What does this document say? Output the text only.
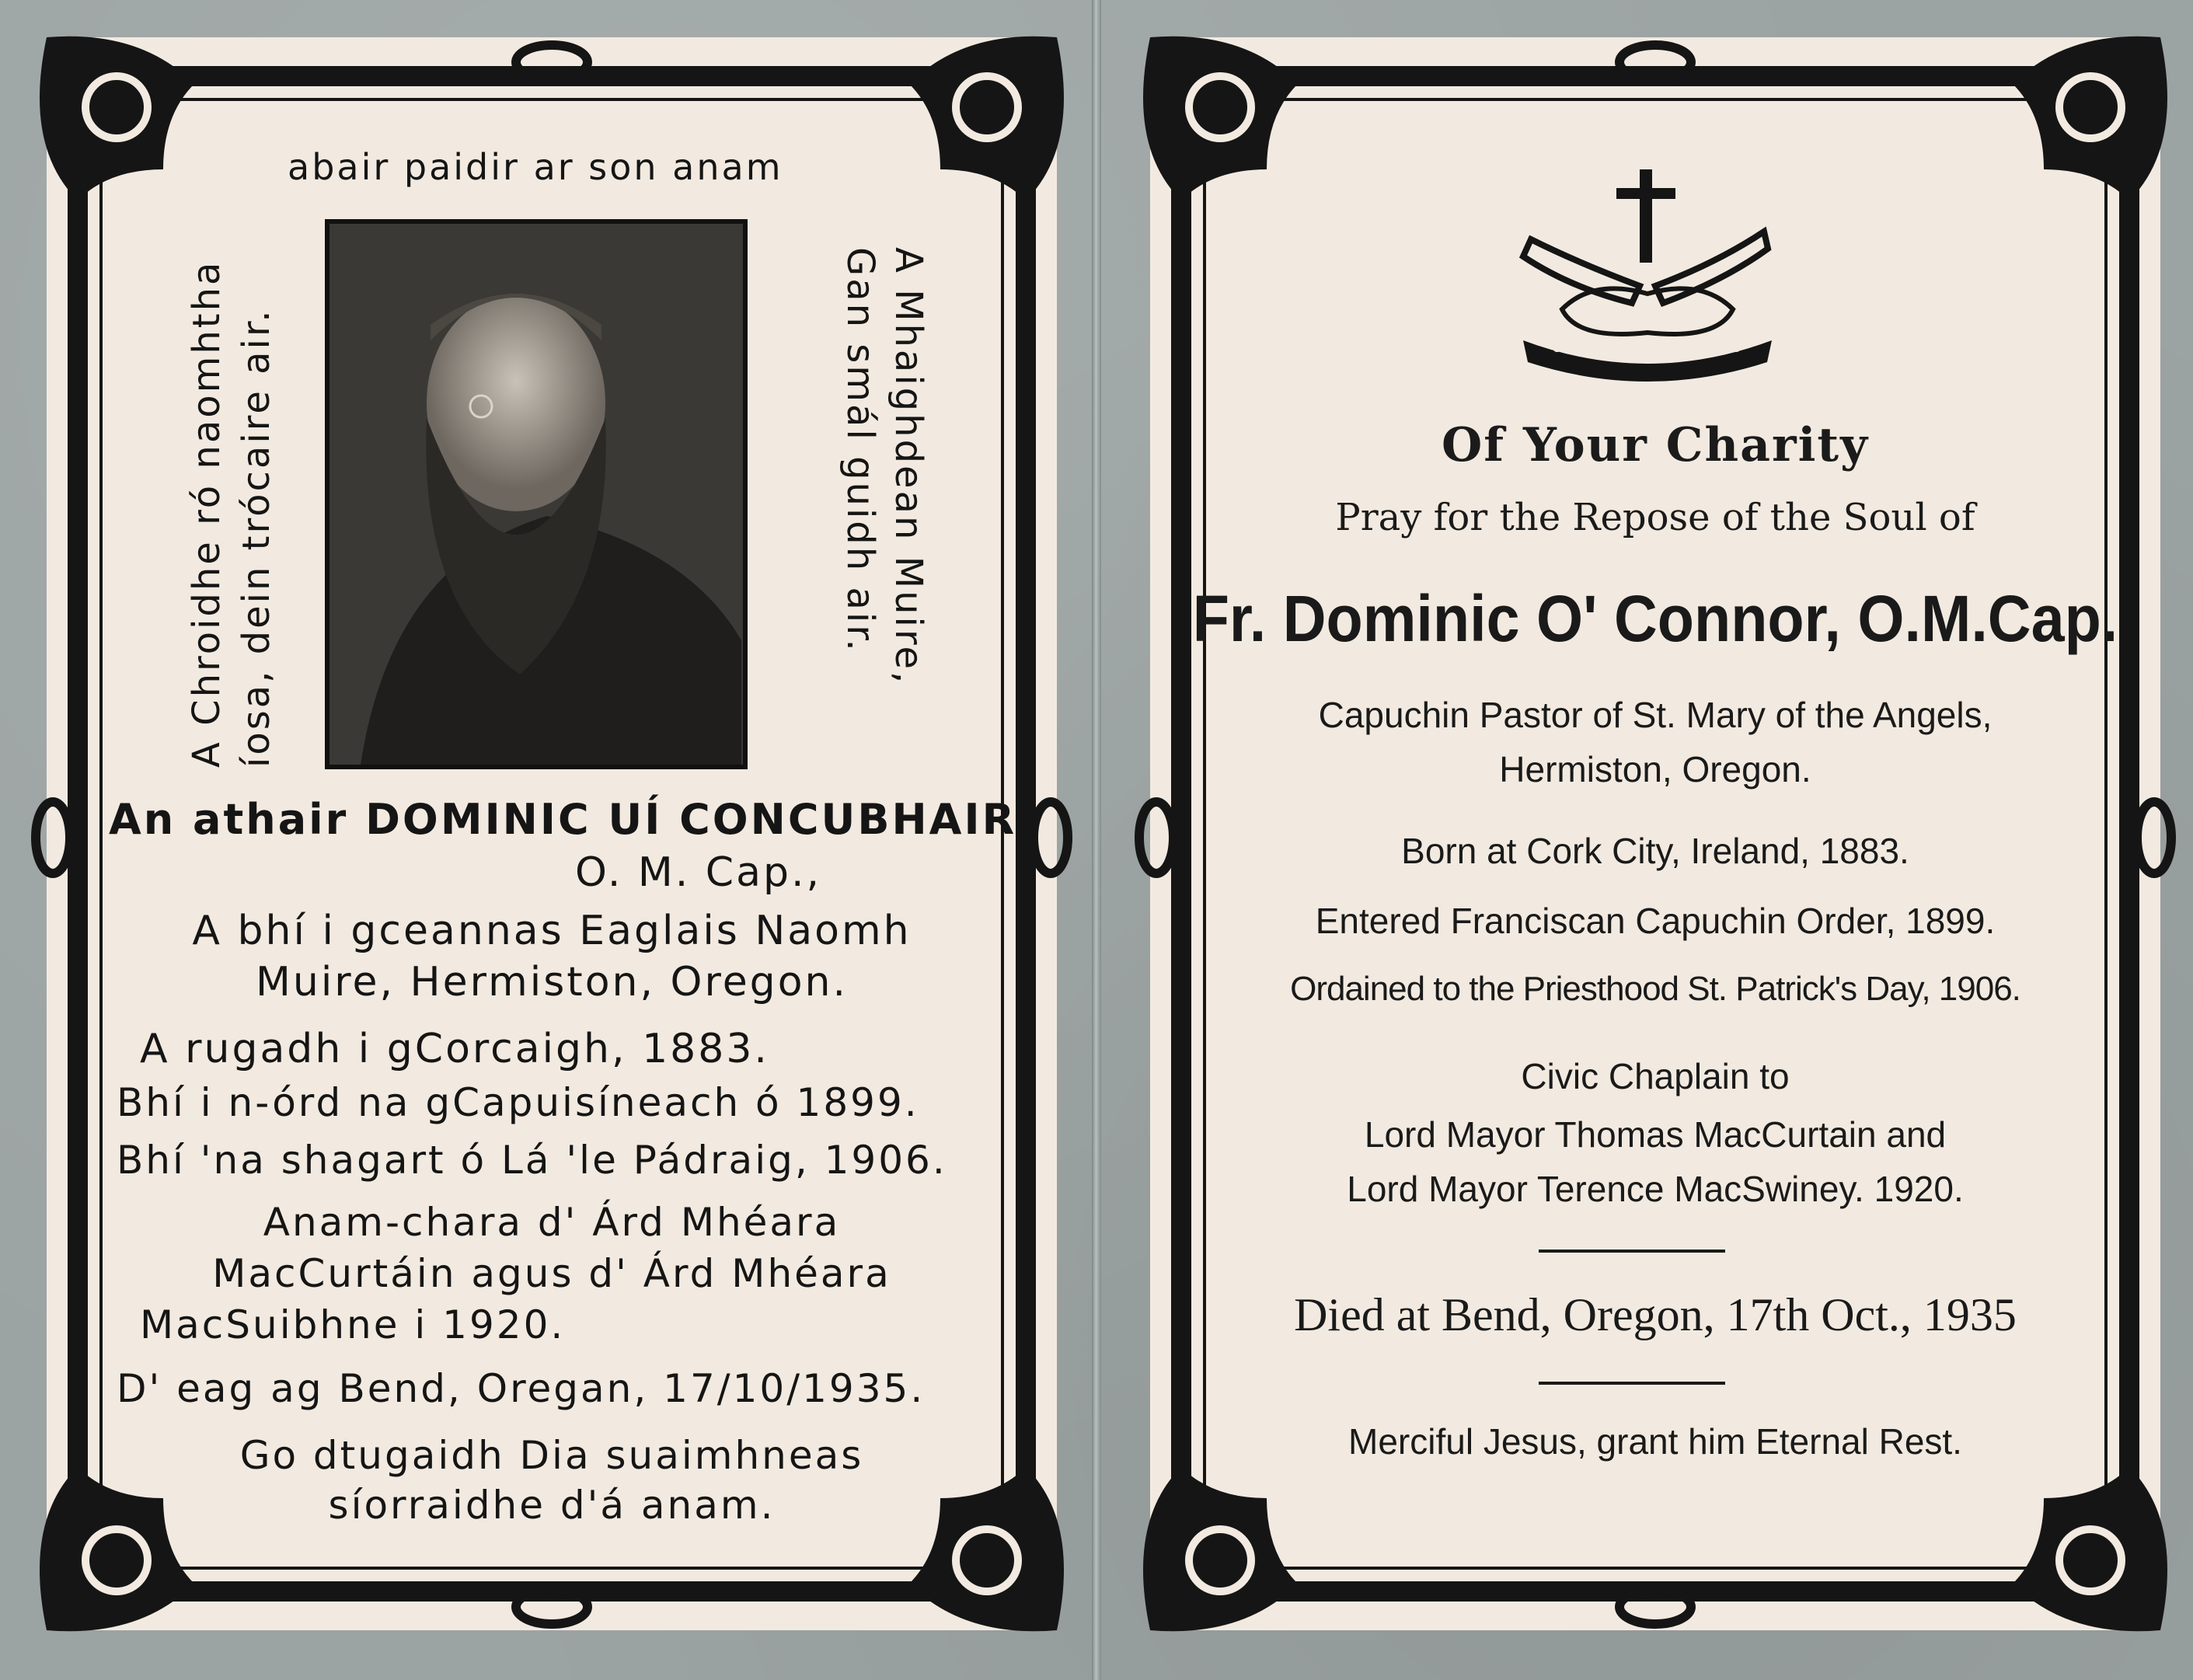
abair paidir ar son anam
A Chroidhe ró naomhtha íosa, dein trócaire air.	A Mhaighdean Muire,
Gan smál guidh air.
An athair DOMINIC UÍ CONCUBHAIR
O. M. Cap.,
A bhí i gceannas Eaglais Naomh
Muire, Hermiston, Oregon.
A rugadh i gCorcaigh, 1883.
Bhí i n-órd na gCapuisíneach ó 1899.
Bhí 'na shagart ó Lá 'le Pádraig, 1906.
Anam-chara d' Árd Mhéara
MacCurtáin agus d' Árd Mhéara
MacSuibhne i 1920.
D' eag ag Bend, Oregan, 17/10/1935.
Go dtugaidh Dia suaimhneas
síorraidhe d'á anam.
OMNIA VINCIT CARITAS
Of Your Charity
Pray for the Repose of the Soul of
Fr. Dominic O' Connor, O.M.Cap.
Capuchin Pastor of St. Mary of the Angels,
Hermiston, Oregon.
Born at Cork City, Ireland, 1883.
Entered Franciscan Capuchin Order, 1899.
Ordained to the Priesthood St. Patrick's Day, 1906.
Civic Chaplain to
Lord Mayor Thomas MacCurtain and
Lord Mayor Terence MacSwiney. 1920.
Died at Bend, Oregon, 17th Oct., 1935
Merciful Jesus, grant him Eternal Rest.
